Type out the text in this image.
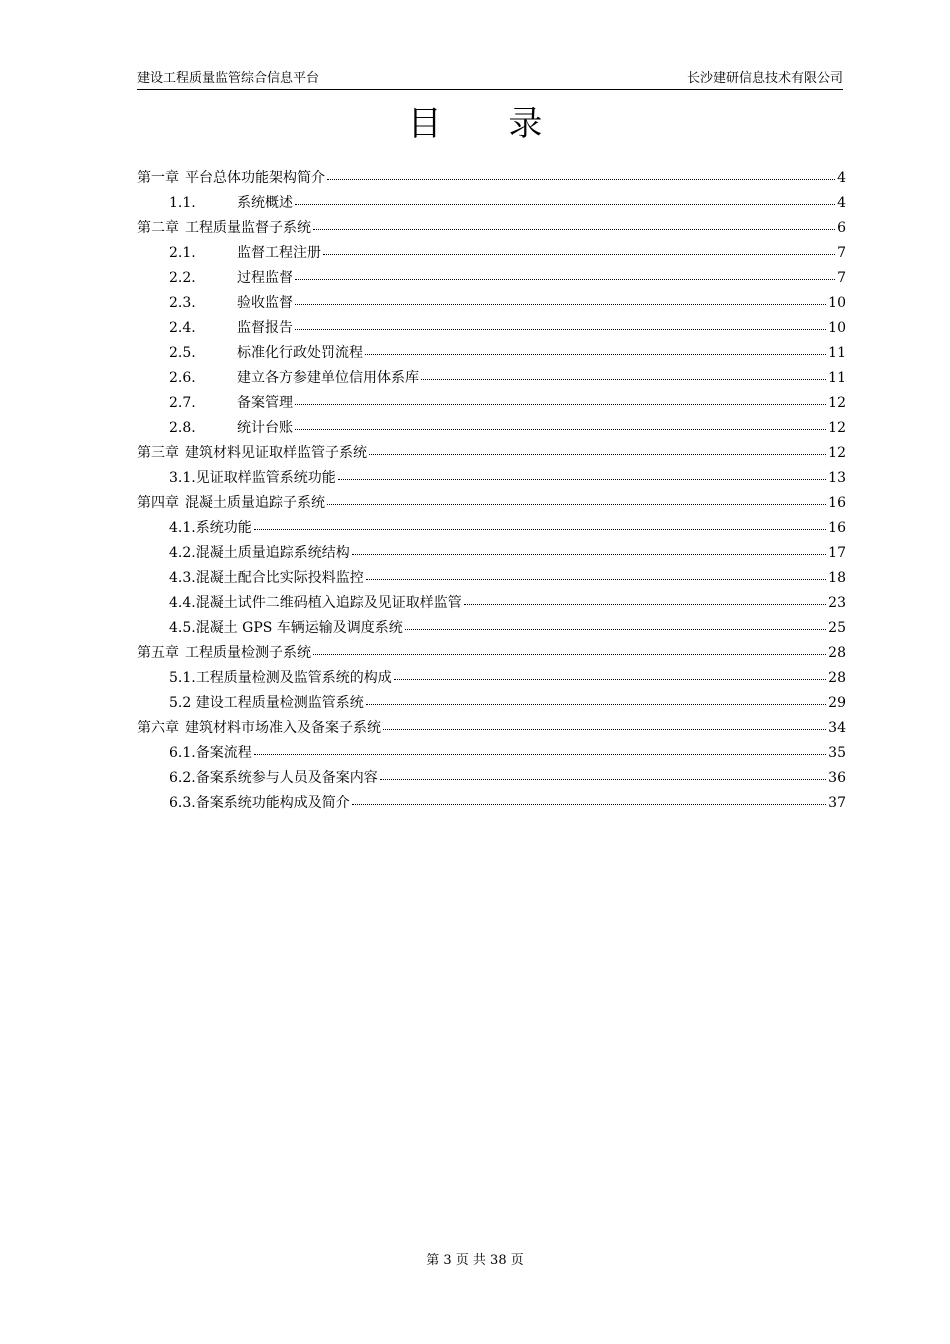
建设工程质量监管综合信息平台	长沙建研信息技术有限公司
目 录
第一章 平台总体功能架构简介	4
1.1.	系统概述	4
第二章 工程质量监督子系统	6
2.1.	监督工程注册	7
2.2.	过程监督	7
2.3.	验收监督	10
2.4.	监督报告	10
2.5.	标准化行政处罚流程	11
2.6.	建立各方参建单位信用体系库	11
2.7.	备案管理	12
2.8.	统计台账	12
第三章 建筑材料见证取样监管子系统	12
3.1.见证取样监管系统功能	13
第四章 混凝土质量追踪子系统	16
4.1.系统功能	16
4.2.混凝土质量追踪系统结构	17
4.3.混凝土配合比实际投料监控	18
4.4.混凝土试件二维码植入追踪及见证取样监管	23
4.5.混凝土 GPS 车辆运输及调度系统	25
第五章 工程质量检测子系统	28
5.1.工程质量检测及监管系统的构成	28
5.2 建设工程质量检测监管系统	29
第六章 建筑材料市场准入及备案子系统	34
6.1.备案流程	35
6.2.备案系统参与人员及备案内容	36
6.3.备案系统功能构成及简介	37
第 3 页 共 38 页
